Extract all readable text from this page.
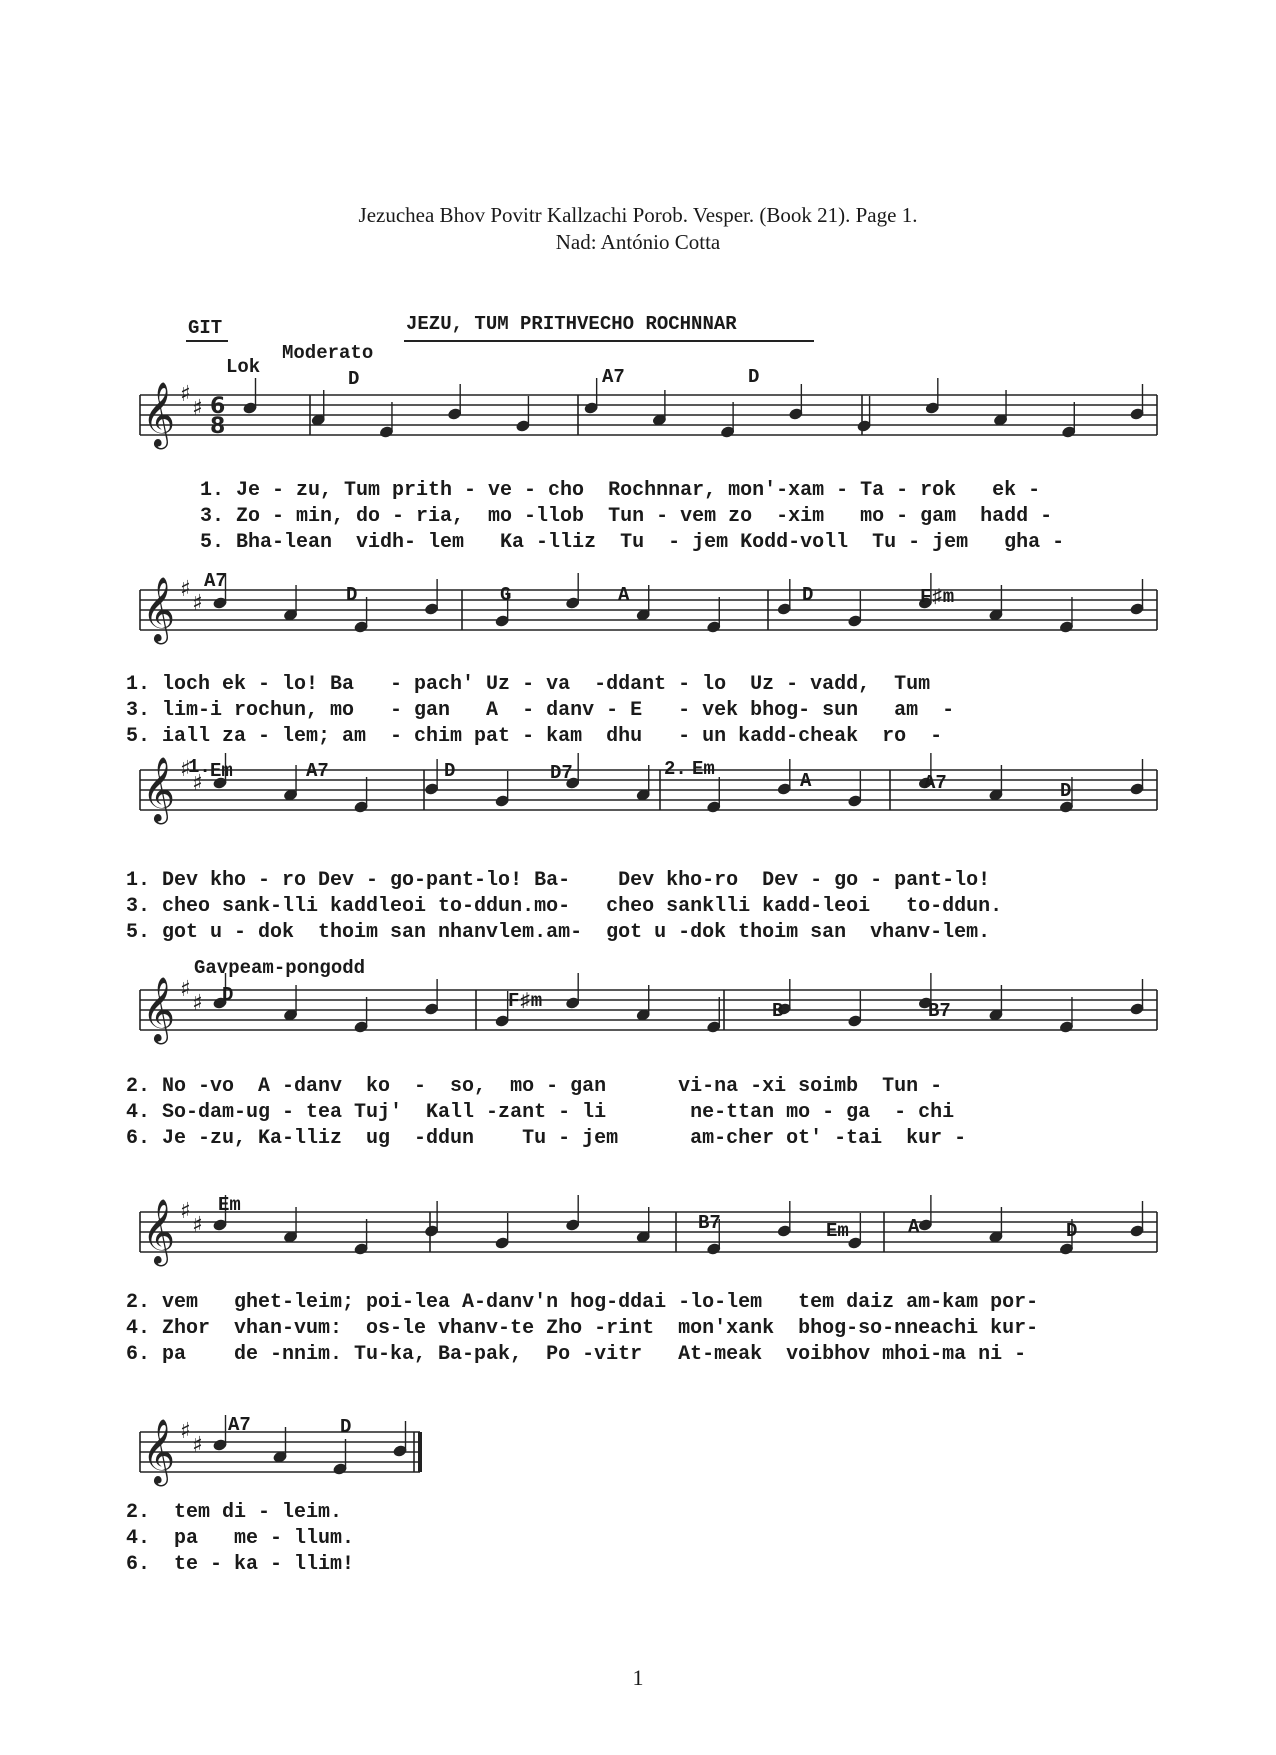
Jezuchea Bhov Povitr Kallzachi Porob. Vesper. (Book 21). Page 1.
Nad: António Cotta
GIT	JEZU, TUM PRITHVECHO ROCHNNAR
Lok
Moderato
Gavpeam-pongodd
𝄞 ♯
♯ 6
8
𝄞 ♯
♯
𝄞 ♯
♯
𝄞 ♯
♯
𝄞 ♯
♯
𝄞 ♯
♯
D	A7	D
1. Je - zu, Tum prith - ve - cho  Rochnnar, mon'-xam - Ta - rok   ek -
3. Zo - min, do - ria,  mo -llob  Tun - vem zo  -xim   mo - gam  hadd -
5. Bha-lean  vidh- lem   Ka -lliz  Tu  - jem Kodd-voll  Tu - jem   gha -
A7
D	G	A	D	F♯m
1. loch ek - lo! Ba   - pach' Uz - va  -ddant - lo  Uz - vadd,  Tum
3. lim-i rochun, mo   - gan   A  - danv - E   - vek bhog- sun   am  -
5. iall za - lem; am  - chim pat - kam  dhu   - un kadd-cheak  ro  -
1. Em	A7	D	D7	2. Em
A	A7	D
1. Dev kho - ro Dev - go-pant-lo! Ba-    Dev kho-ro  Dev - go - pant-lo!
3. cheo sank-lli kaddleoi to-ddun.mo-   cheo sanklli kadd-leoi   to-ddun.
5. got u - dok  thoim san nhanvlem.am-  got u -dok thoim san  vhanv-lem.
D	F♯m	B	B7
2. No -vo  A -danv  ko  -  so,  mo - gan      vi-na -xi soimb  Tun -
4. So-dam-ug - tea Tuj'  Kall -zant - li       ne-ttan mo - ga  - chi
6. Je -zu, Ka-lliz  ug  -ddun    Tu - jem      am-cher ot' -tai  kur -
Em
B7	Em	A	D
2. vem   ghet-leim; poi-lea A-danv'n hog-ddai -lo-lem   tem daiz am-kam por-
4. Zhor  vhan-vum:  os-le vhanv-te Zho -rint  mon'xank  bhog-so-nneachi kur-
6. pa    de -nnim. Tu-ka, Ba-pak,  Po -vitr   At-meak  voibhov mhoi-ma ni -
A7	D
2.  tem di - leim.
4.  pa   me - llum.
6.  te - ka - llim!
1
